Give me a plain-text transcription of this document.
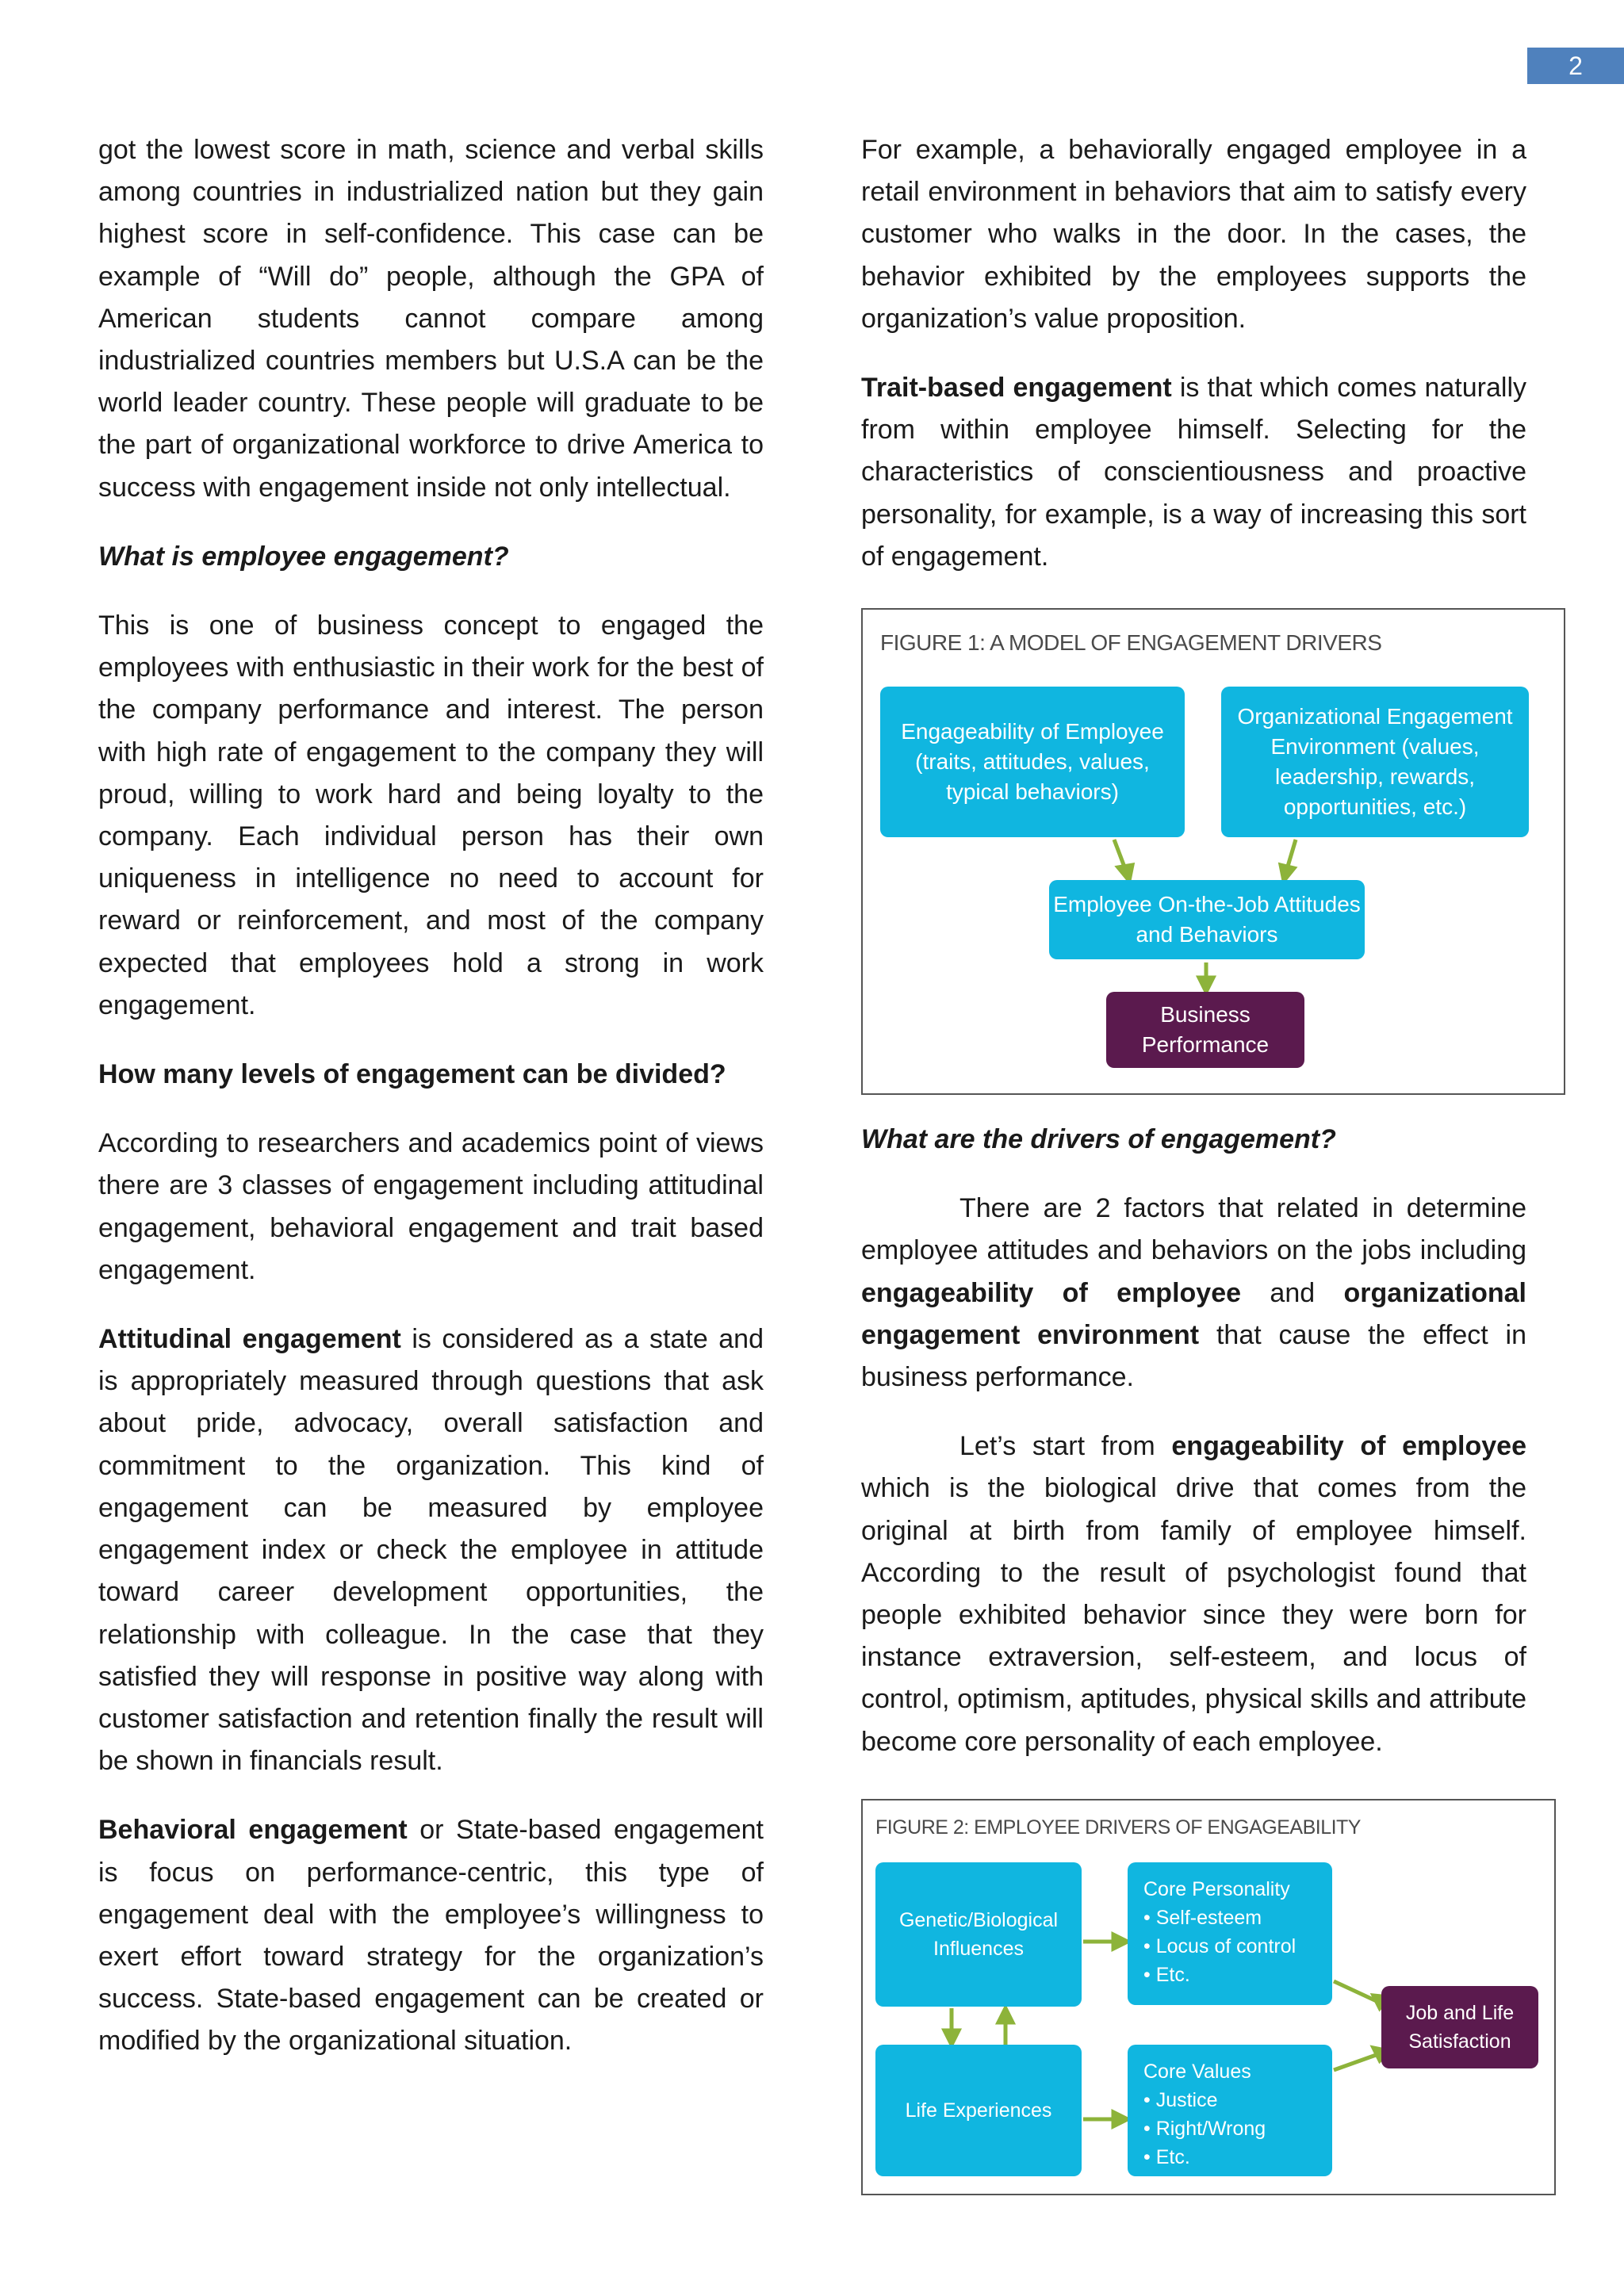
2

got the lowest score in math, science and verbal skills among countries in industrialized nation but they gain highest score in self-confidence. This case can be example of “Will do” people, although the GPA of American students cannot compare among industrialized countries members but U.S.A can be the world leader country. These people will graduate to be the part of organizational workforce to drive America to success with engagement inside not only intellectual.

What is employee engagement?

This is one of business concept to engaged the employees with enthusiastic in their work for the best of the company performance and interest. The person with high rate of engagement to the company they will proud, willing to work hard and being loyalty to the company. Each individual person has their own uniqueness in intelligence no need to account for reward or reinforcement, and most of the company expected that employees hold a strong in work engagement.

How many levels of engagement can be divided?

According to researchers and academics point of views there are 3 classes of engagement including attitudinal engagement, behavioral engagement and trait based engagement.

Attitudinal engagement is considered as a state and is appropriately measured through questions that ask about pride, advocacy, overall satisfaction and commitment to the organization. This kind of engagement can be measured by employee engagement index or check the employee in attitude toward career development opportunities, the relationship with colleague. In the case that they satisfied they will response in positive way along with customer satisfaction and retention finally the result will be shown in financials result.

Behavioral engagement or State-based engagement is focus on performance-centric, this type of engagement deal with the employee’s willingness to exert effort toward strategy for the organization’s success. State-based engagement can be created or modified by the organizational situation.

For example, a behaviorally engaged employee in a retail environment in behaviors that aim to satisfy every customer who walks in the door. In the cases, the behavior exhibited by the employees supports the organization’s value proposition.

Trait-based engagement is that which comes naturally from within employee himself. Selecting for the characteristics of conscientiousness and proactive personality, for example, is a way of increasing this sort of engagement.

What are the drivers of engagement?

There are 2 factors that related in determine employee attitudes and behaviors on the jobs including engageability of employee and organizational engagement environment that cause the effect in business performance.

Let’s start from engageability of employee which is the biological drive that comes from the original at birth from family of employee himself. According to the result of psychologist found that people exhibited behavior since they were born for instance extraversion, self-esteem, and locus of control, optimism, aptitudes, physical skills and attribute become core personality of each employee.

FIGURE 1: A MODEL OF ENGAGEMENT DRIVERS
Engageability of Employee (traits, attitudes, values, typical behaviors)
Organizational Engagement Environment (values, leadership, rewards, opportunities, etc.)
Employee On-the-Job Attitudes and Behaviors
Business Performance
FIGURE 2: EMPLOYEE DRIVERS OF ENGAGEABILITY
Genetic/Biological Influences
Life Experiences
Core Personality
• Self-esteem
• Locus of control
• Etc.
Core Values
• Justice
• Right/Wrong
• Etc.
Job and Life Satisfaction
